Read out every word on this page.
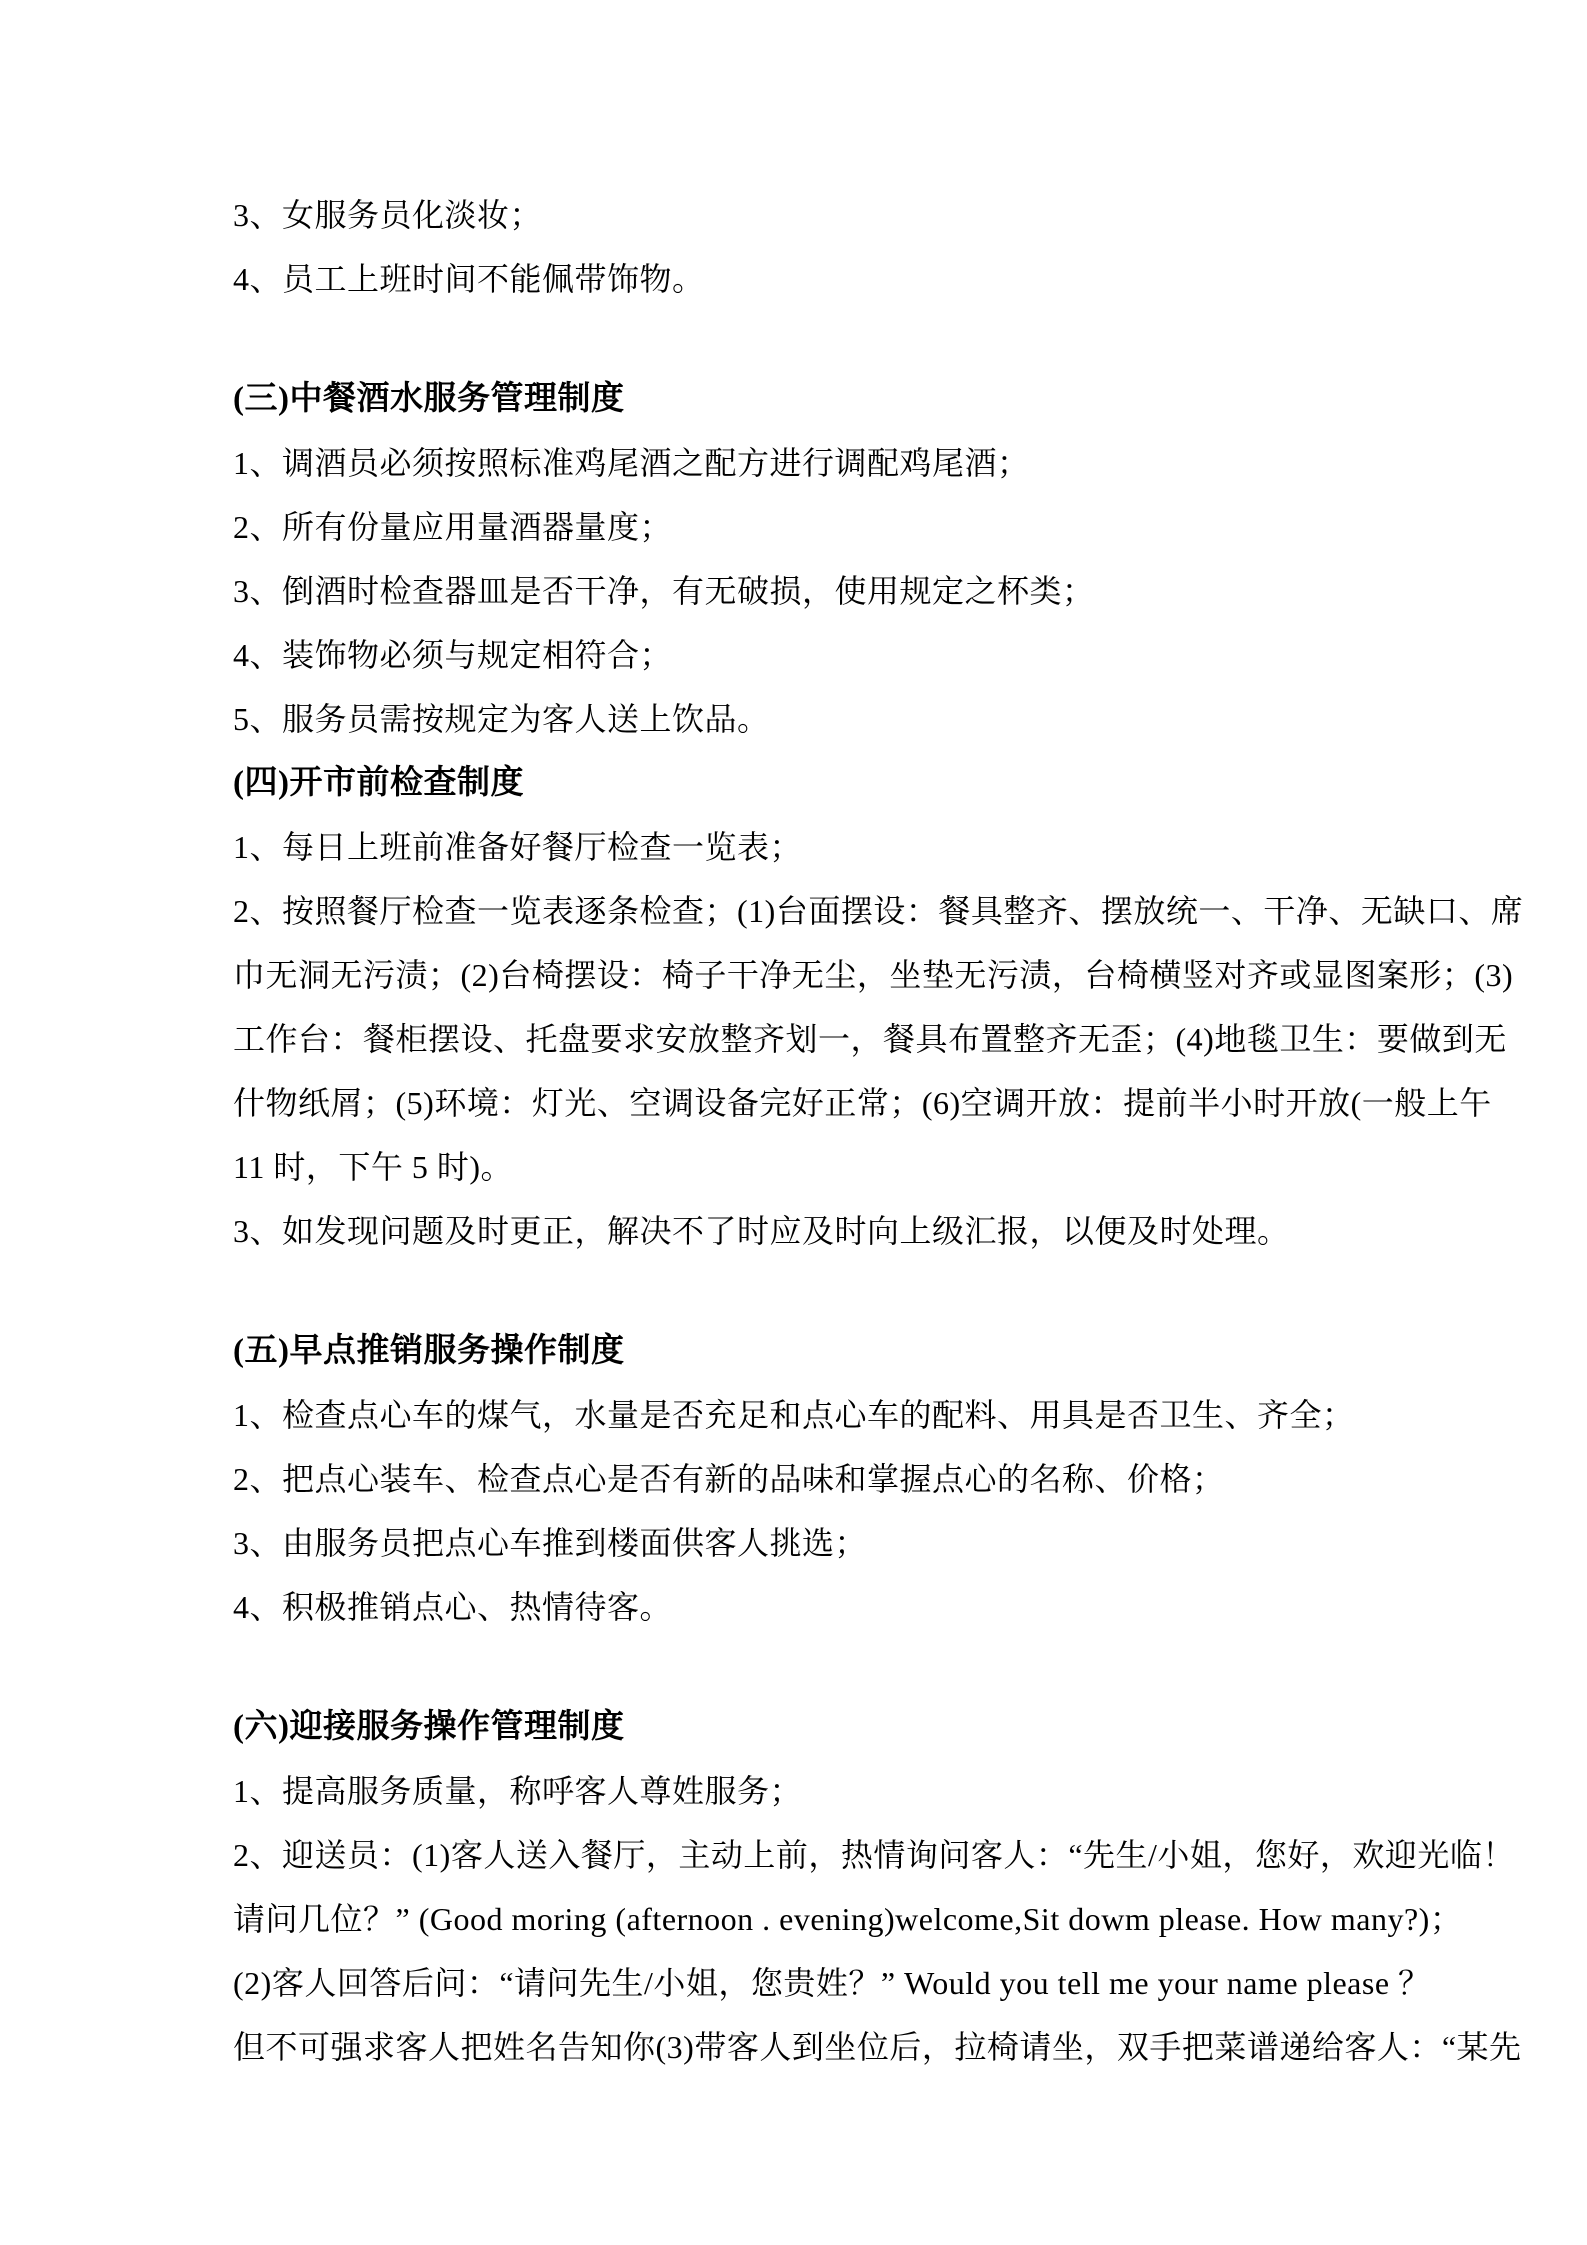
3、女服务员化淡妆；
4、员工上班时间不能佩带饰物。
(三)中餐酒水服务管理制度
1、调酒员必须按照标准鸡尾酒之配方进行调配鸡尾酒；
2、所有份量应用量酒器量度；
3、倒酒时检查器皿是否干净，有无破损，使用规定之杯类；
4、装饰物必须与规定相符合；
5、服务员需按规定为客人送上饮品。
(四)开市前检查制度
1、每日上班前准备好餐厅检查一览表；
2、按照餐厅检查一览表逐条检查；(1)台面摆设：餐具整齐、摆放统一、干净、无缺口、席
巾无洞无污渍；(2)台椅摆设：椅子干净无尘，坐垫无污渍，台椅横竖对齐或显图案形；(3)
工作台：餐柜摆设、托盘要求安放整齐划一，餐具布置整齐无歪；(4)地毯卫生：要做到无
什物纸屑；(5)环境：灯光、空调设备完好正常；(6)空调开放：提前半小时开放(一般上午
11 时，下午 5 时)。
3、如发现问题及时更正，解决不了时应及时向上级汇报，以便及时处理。
(五)早点推销服务操作制度
1、检查点心车的煤气，水量是否充足和点心车的配料、用具是否卫生、齐全；
2、把点心装车、检查点心是否有新的品味和掌握点心的名称、价格；
3、由服务员把点心车推到楼面供客人挑选；
4、积极推销点心、热情待客。
(六)迎接服务操作管理制度
1、提高服务质量，称呼客人尊姓服务；
2、迎送员：(1)客人送入餐厅，主动上前，热情询问客人：“先生/小姐，您好，欢迎光临！
请问几位？” (Good moring (afternoon . evening)welcome,Sit dowm please. How many?)；
(2)客人回答后问：“请问先生/小姐，您贵姓？” Would you tell me your name please ？
但不可强求客人把姓名告知你(3)带客人到坐位后，拉椅请坐，双手把菜谱递给客人：“某先
